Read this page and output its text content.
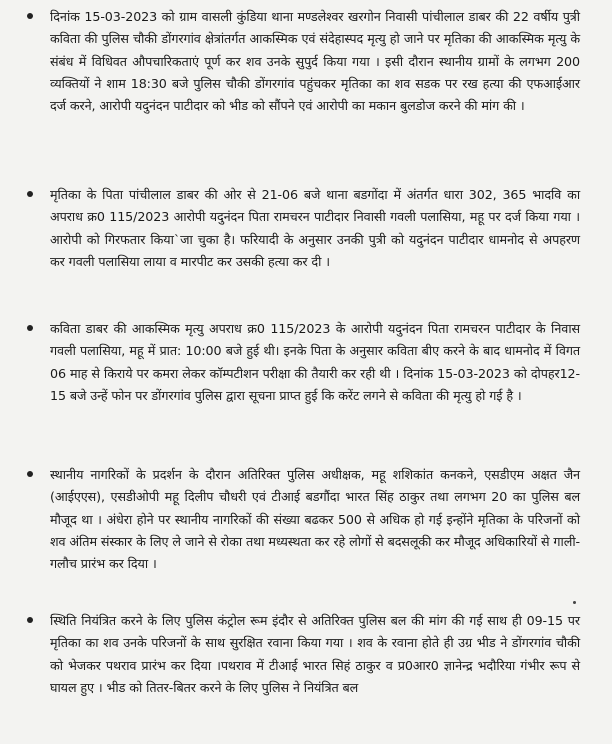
दिनांक 15-03-2023 को ग्राम वासली कुंडिया थाना मण्डलेश्वर खरगोन निवासी पांचीलाल डाबर की 22 वर्षीय पुत्री कविता की पुलिस चौकी डोंगरगांव क्षेत्रांतर्गत आकस्मिक एवं संदेहास्पद मृत्यु हो जाने पर मृतिका की आकस्मिक मृत्यु के संबंध में विधिवत औपचारिकताएं पूर्ण कर शव उनके सुपुर्द किया गया । इसी दौरान स्थानीय ग्रामों के लगभग 200 व्यक्तियों ने शाम 18:30 बजे पुलिस चौकी डोंगरगांव पहुंचकर मृतिका का शव सडक पर रख हत्या की एफआईआर दर्ज करने, आरोपी यदुनंदन पाटीदार को भीड को सौंपने एवं आरोपी का मकान बुलडोज करने की मांग की ।
मृतिका के पिता पांचीलाल डाबर की ओर से 21-06 बजे थाना बडगोंदा में अंतर्गत धारा 302, 365 भादवि का अपराध क्र0 115/2023 आरोपी यदुनंदन पिता रामचरन पाटीदार निवासी गवली पलासिया, महू पर दर्ज किया गया । आरोपी को गिरफतार किया`जा चुका है। फरियादी के अनुसार उनकी पुत्री को यदुनंदन पाटीदार धामनोद से अपहरण कर गवली पलासिया लाया व मारपीट कर उसकी हत्या कर दी ।
कविता डाबर की आकस्मिक मृत्यु अपराध क्र0 115/2023 के आरोपी यदुनंदन पिता रामचरन पाटीदार के निवास गवली पलासिया, महू में प्रात: 10:00 बजे हुई थी। इनके पिता के अनुसार कविता बीए करने के बाद धामनोद में विगत 06 माह से किराये पर कमरा लेकर कॉम्पटीशन परीक्षा की तैयारी कर रही थी । दिनांक 15-03-2023 को दोपहर12-15 बजे उन्हें फोन पर डोंगरगांव पुलिस द्वारा सूचना प्राप्त हुई कि करेंट लगने से कविता की मृत्यु हो गई है ।
स्थानीय नागरिकों के प्रदर्शन के दौरान अतिरिक्त पुलिस अधीक्षक, महू शशिकांत कनकने, एसडीएम अक्षत जैन (आईएएस), एसडीओपी महू दिलीप चौधरी एवं टीआई बडगौंदा भारत सिंह ठाकुर तथा लगभग 20 का पुलिस बल मौजूद था । अंधेरा होने पर स्थानीय नागरिकों की संख्या बढकर 500 से अधिक हो गई इन्होंने मृतिका के परिजनों को शव अंतिम संस्कार के लिए ले जाने से रोका तथा मध्यस्थता कर रहे लोगों से बदसलूकी कर मौजूद अधिकारियों से गाली-गलौच प्रारंभ कर दिया ।
स्थिति नियंत्रित करने के लिए पुलिस कंट्रोल रूम इंदौर से अतिरिक्त पुलिस बल की मांग की गई साथ ही 09-15 पर मृतिका का शव उनके परिजनों के साथ सुरक्षित रवाना किया गया । शव के रवाना होते ही उग्र भीड ने डोंगरगांव चौकी को भेजकर पथराव प्रारंभ कर दिया ।पथराव में टीआई भारत सिहं ठाकुर व प्र0आर0 ज्ञानेन्द्र भदौरिया गंभीर रूप से घायल हुए । भीड को तितर-बितर करने के लिए पुलिस ने नियंत्रित बल
